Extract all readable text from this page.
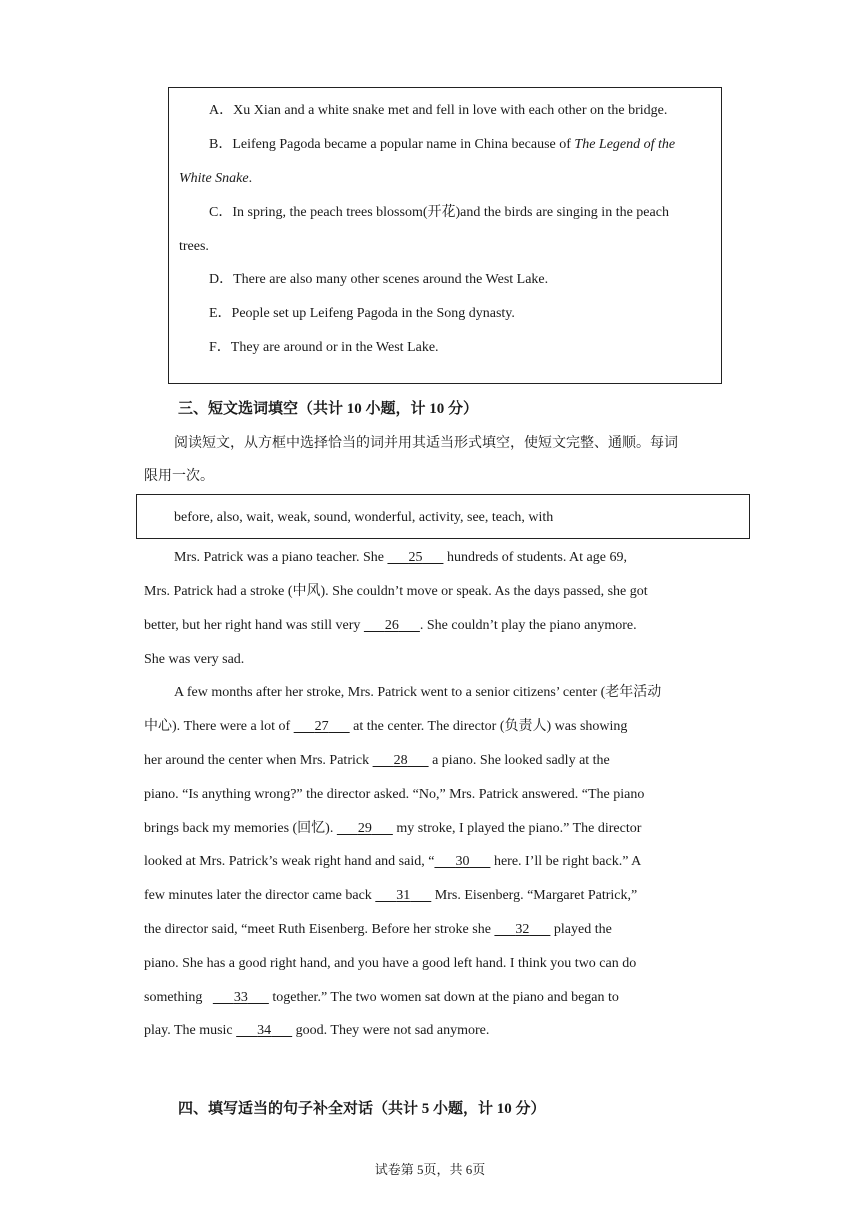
A．Xu Xian and a white snake met and fell in love with each other on the bridge.
B．Leifeng Pagoda became a popular name in China because of The Legend of the
White Snake.
C．In spring, the peach trees blossom(开花)and the birds are singing in the peach
trees.
D．There are also many other scenes around the West Lake.
E．People set up Leifeng Pagoda in the Song dynasty.
F．They are around or in the West Lake.
三、短文选词填空（共计 10 小题，计 10 分）
阅读短文，从方框中选择恰当的词并用其适当形式填空，使短文完整、通顺。每词
限用一次。
before, also, wait, weak, sound, wonderful, activity, see, teach, with
Mrs. Patrick was a piano teacher. She       25       hundreds of students. At age 69,
Mrs. Patrick had a stroke (中风). She couldn’t move or speak. As the days passed, she got
better, but her right hand was still very       26 . She couldn’t play the piano anymore.
She was very sad.
A few months after her stroke, Mrs. Patrick went to a senior citizens’ center (老年活动
中心). There were a lot of       27       at the center. The director (负责人) was showing
her around the center when Mrs. Patrick       28       a piano. She looked sadly at the
piano. “Is anything wrong?” the director asked. “No,” Mrs. Patrick answered. “The piano
brings back my memories (回忆).       29       my stroke, I played the piano.” The director
looked at Mrs. Patrick’s weak right hand and said, “ 30       here. I’ll be right back.” A
few minutes later the director came back       31       Mrs. Eisenberg. “Margaret Patrick,”
the director said, “meet Ruth Eisenberg. Before her stroke she       32       played the
piano. She has a good right hand, and you have a good left hand. I think you two can do
something         33       together.” The two women sat down at the piano and began to
play. The music       34       good. They were not sad anymore.
四、填写适当的句子补全对话（共计 5 小题，计 10 分）
试卷第 5页，共 6页
